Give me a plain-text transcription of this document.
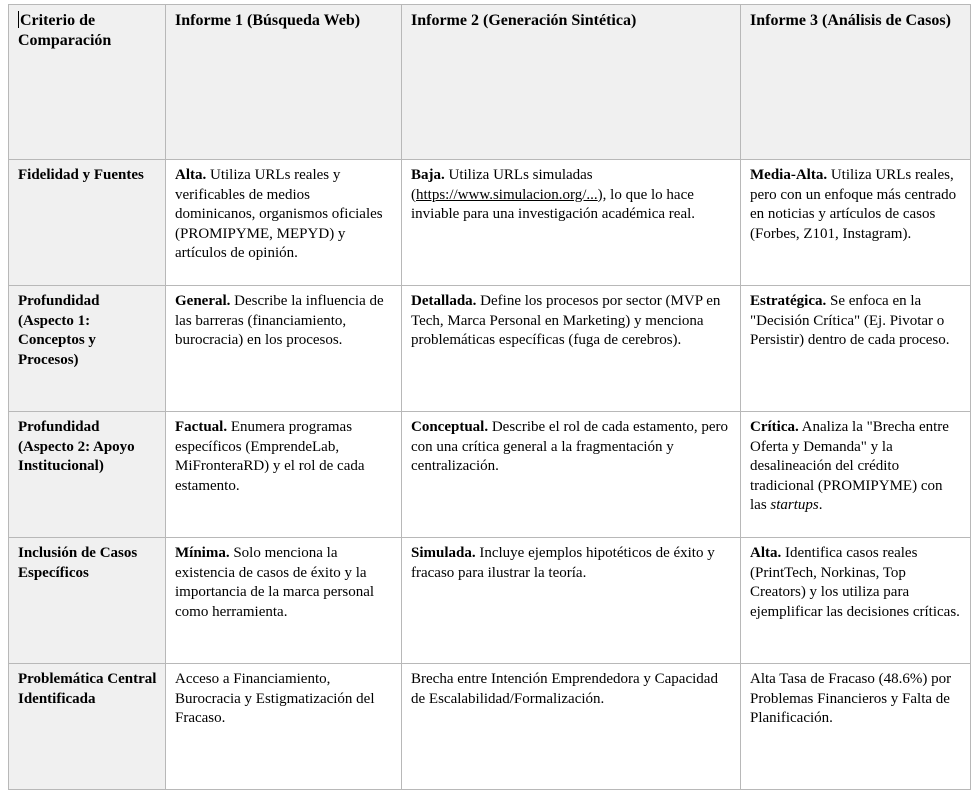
Criterio de Comparación	Informe 1 (Búsqueda Web)	Informe 2 (Generación Sintética)	Informe 3 (Análisis de Casos)
Fidelidad y Fuentes	Alta. Utiliza URLs reales y verificables de medios dominicanos, organismos oficiales (PROMIPYME, MEPYD) y artículos de opinión.	Baja. Utiliza URLs simuladas (https://www.simulacion.org/...), lo que lo hace inviable para una investigación académica real.	Media-Alta. Utiliza URLs reales, pero con un enfoque más centrado en noticias y artículos de casos (Forbes, Z101, Instagram).
Profundidad (Aspecto 1: Conceptos y Procesos)	General. Describe la influencia de las barreras (financiamiento, burocracia) en los procesos.	Detallada. Define los procesos por sector (MVP en Tech, Marca Personal en Marketing) y menciona problemáticas específicas (fuga de cerebros).	Estratégica. Se enfoca en la "Decisión Crítica" (Ej. Pivotar o Persistir) dentro de cada proceso.
Profundidad (Aspecto 2: Apoyo Institucional)	Factual. Enumera programas específicos (EmprendeLab, MiFronteraRD) y el rol de cada estamento.	Conceptual. Describe el rol de cada estamento, pero con una crítica general a la fragmentación y centralización.	Crítica. Analiza la "Brecha entre Oferta y Demanda" y la desalineación del crédito tradicional (PROMIPYME) con las startups.
Inclusión de Casos Específicos	Mínima. Solo menciona la existencia de casos de éxito y la importancia de la marca personal como herramienta.	Simulada. Incluye ejemplos hipotéticos de éxito y fracaso para ilustrar la teoría.	Alta. Identifica casos reales (PrintTech, Norkinas, Top Creators) y los utiliza para ejemplificar las decisiones críticas.
Problemática Central Identificada	Acceso a Financiamiento, Burocracia y Estigmatización del Fracaso.	Brecha entre Intención Emprendedora y Capacidad de Escalabilidad/Formalización.	Alta Tasa de Fracaso (48.6%) por Problemas Financieros y Falta de Planificación.
